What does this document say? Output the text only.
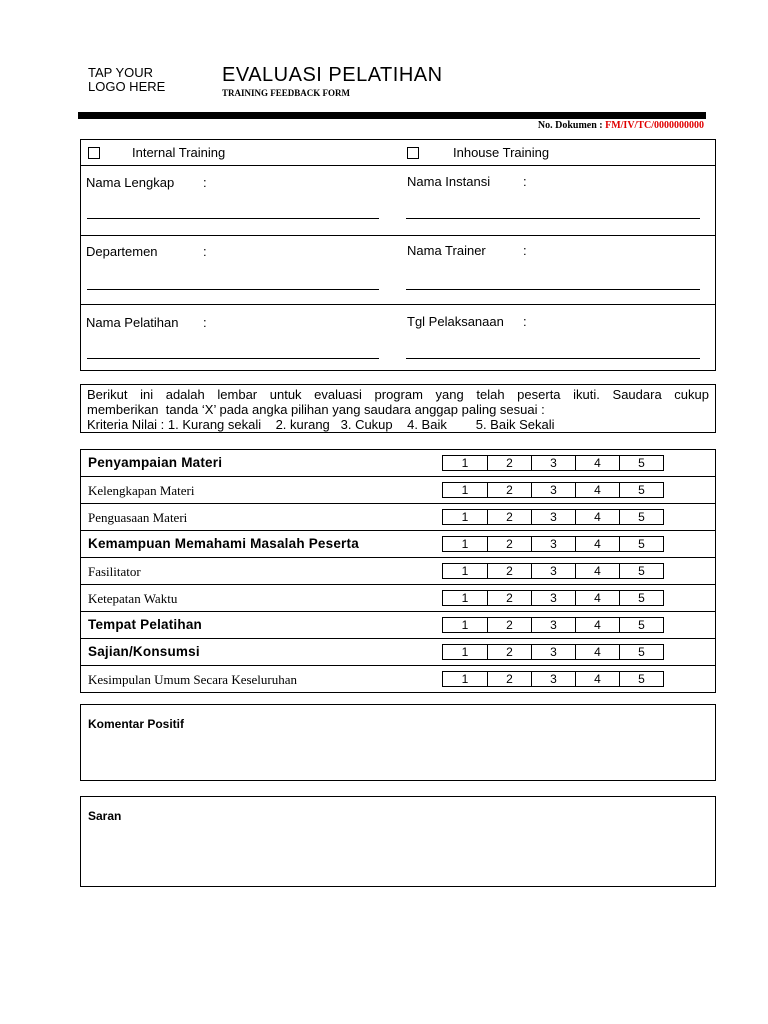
TAP YOUR
LOGO HERE
EVALUASI PELATIHAN
TRAINING FEEDBACK FORM
No. Dokumen : FM/IV/TC/0000000000
Internal Training	Inhouse Training
Nama Lengkap :	Nama Instansi	:
Departemen	:	Nama Trainer	:
Nama Pelatihan :	Tgl Pelaksanaan :

Berikut ini adalah lembar untuk evaluasi program yang telah peserta ikuti. Saudara cukup

memberikan  tanda ‘X’ pada angka pilihan yang saudara anggap paling sesuai :

Kriteria Nilai : 1. Kurang sekali    2. kurang   3. Cukup    4. Baik        5. Baik Sekali

Penyampaian Materi	1	2	3	4	5
Kelengkapan Materi	1	2	3	4	5
Penguasaan Materi	1	2	3	4	5
Kemampuan Memahami Masalah Peserta	1	2	3	4	5
Fasilitator	1	2	3	4	5
Ketepatan Waktu	1	2	3	4	5
Tempat Pelatihan	1	2	3	4	5
Sajian/Konsumsi	1	2	3	4	5
Kesimpulan Umum Secara Keseluruhan	1	2	3	4	5
Komentar Positif
Saran
